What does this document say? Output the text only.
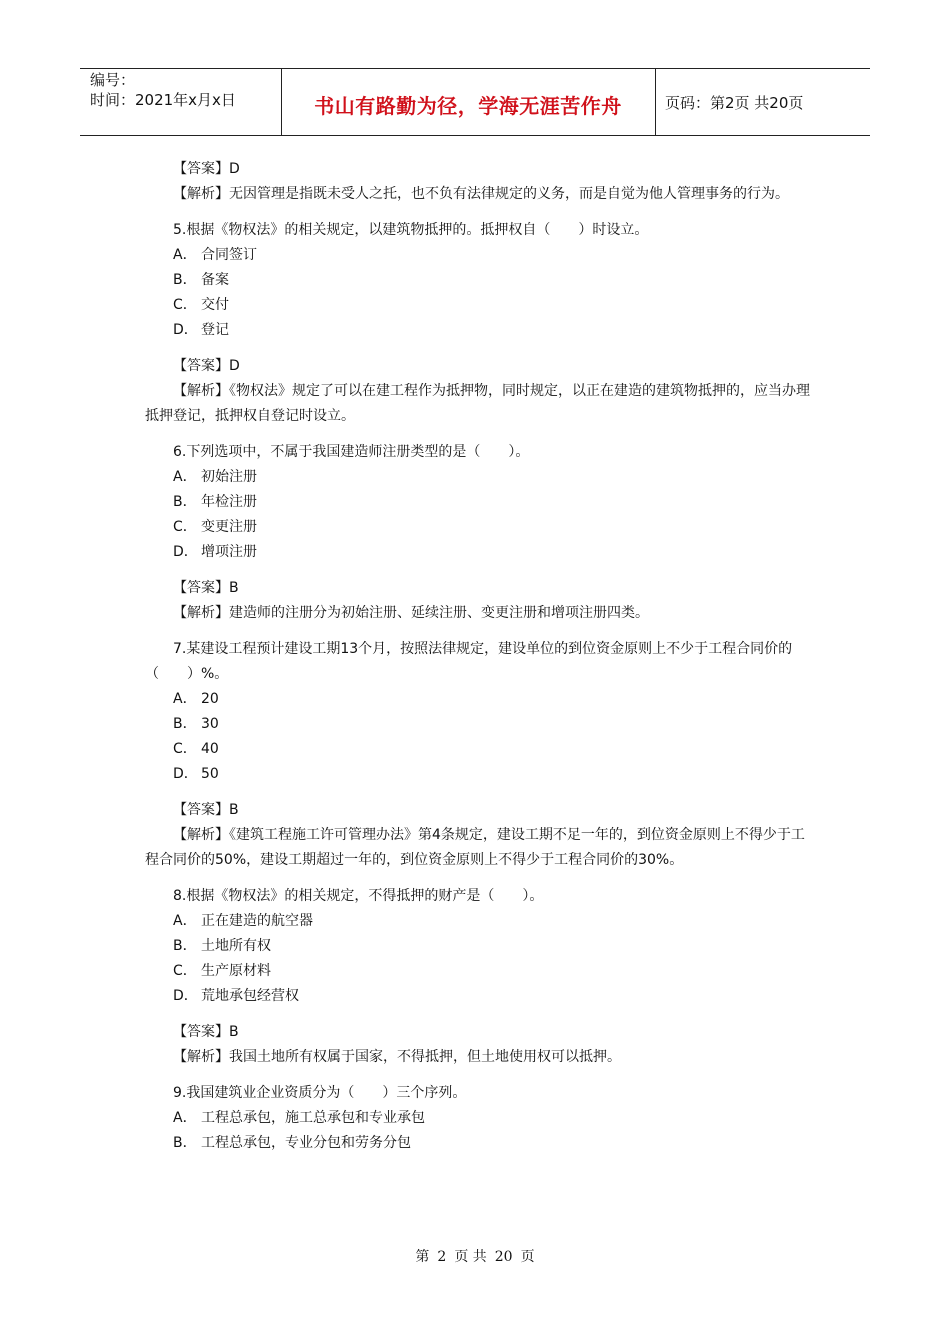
编号：
时间：2021年x月x日	书山有路勤为径，学海无涯苦作舟	页码：第2页 共20页

【答案】D

【解析】无因管理是指既未受人之托，也不负有法律规定的义务，而是自觉为他人管理事务的行为。

5.根据《物权法》的相关规定，以建筑物抵押的。抵押权自（　　）时设立。

A． 合同签订

B． 备案

C． 交付

D． 登记

【答案】D

【解析】《物权法》规定了可以在建工程作为抵押物，同时规定，以正在建造的建筑物抵押的，应当办理抵押登记，抵押权自登记时设立。

6.下列选项中，不属于我国建造师注册类型的是（　　）。

A． 初始注册

B． 年检注册

C． 变更注册

D． 增项注册

【答案】B

【解析】建造师的注册分为初始注册、延续注册、变更注册和增项注册四类。

7.某建设工程预计建设工期13个月，按照法律规定，建设单位的到位资金原则上不少于工程合同价的（　　）%。

A． 20

B． 30

C． 40

D． 50

【答案】B

【解析】《建筑工程施工许可管理办法》第4条规定，建设工期不足一年的，到位资金原则上不得少于工程合同价的50%，建设工期超过一年的，到位资金原则上不得少于工程合同价的30%。

8.根据《物权法》的相关规定，不得抵押的财产是（　　）。

A． 正在建造的航空器

B． 土地所有权

C． 生产原材料

D． 荒地承包经营权

【答案】B

【解析】我国土地所有权属于国家，不得抵押，但土地使用权可以抵押。

9.我国建筑业企业资质分为（　　）三个序列。

A． 工程总承包，施工总承包和专业承包

B． 工程总承包，专业分包和劳务分包

第 2 页 共 20 页
